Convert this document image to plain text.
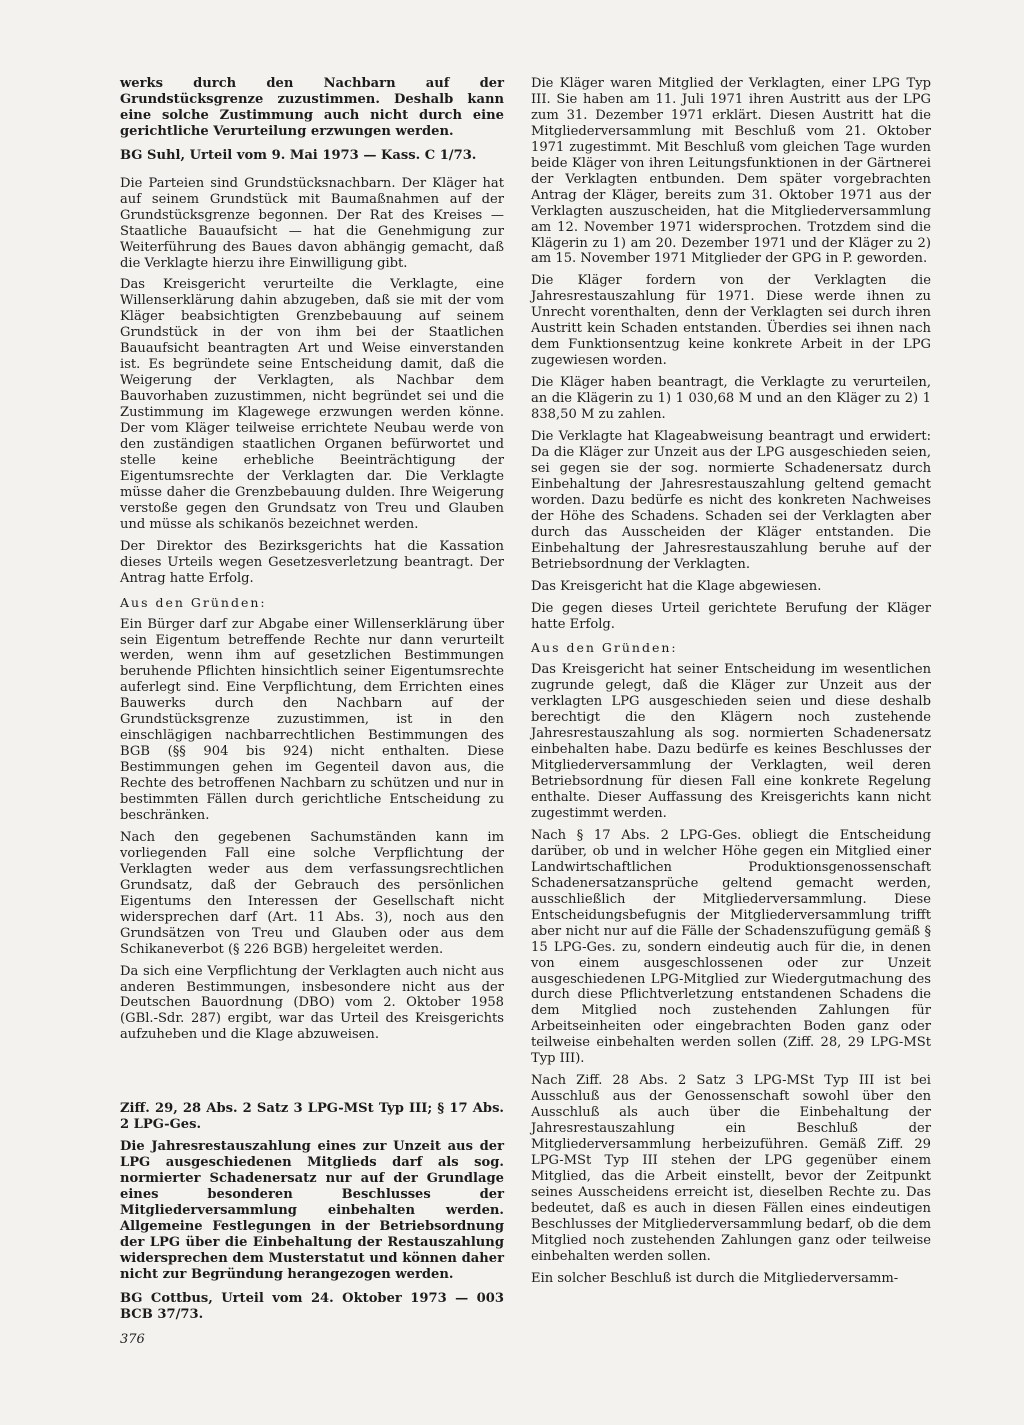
werks durch den Nachbarn auf der Grundstücksgrenze zuzustimmen. Deshalb kann eine solche Zustimmung auch nicht durch eine gerichtliche Verurteilung erzwungen werden.

BG Suhl, Urteil vom 9. Mai 1973 — Kass. C 1/73.

Die Parteien sind Grundstücksnachbarn. Der Kläger hat auf seinem Grundstück mit Baumaßnahmen auf der Grundstücksgrenze begonnen. Der Rat des Kreises — Staatliche Bauaufsicht — hat die Genehmigung zur Weiterführung des Baues davon abhängig gemacht, daß die Verklagte hierzu ihre Einwilligung gibt.

Das Kreisgericht verurteilte die Verklagte, eine Willenserklärung dahin abzugeben, daß sie mit der vom Kläger beabsichtigten Grenzbebauung auf seinem Grundstück in der von ihm bei der Staatlichen Bauaufsicht beantragten Art und Weise einverstanden ist. Es begründete seine Entscheidung damit, daß die Weigerung der Verklagten, als Nachbar dem Bauvorhaben zuzustimmen, nicht begründet sei und die Zustimmung im Klagewege erzwungen werden könne. Der vom Kläger teilweise errichtete Neubau werde von den zuständigen staatlichen Organen befürwortet und stelle keine erhebliche Beeinträchtigung der Eigentumsrechte der Verklagten dar. Die Verklagte müsse daher die Grenzbebauung dulden. Ihre Weigerung verstoße gegen den Grundsatz von Treu und Glauben und müsse als schikanös bezeichnet werden.

Der Direktor des Bezirksgerichts hat die Kassation dieses Urteils wegen Gesetzesverletzung beantragt. Der Antrag hatte Erfolg.

Aus den Gründen:

Ein Bürger darf zur Abgabe einer Willenserklärung über sein Eigentum betreffende Rechte nur dann verurteilt werden, wenn ihm auf gesetzlichen Bestimmungen beruhende Pflichten hinsichtlich seiner Eigentumsrechte auferlegt sind. Eine Verpflichtung, dem Errichten eines Bauwerks durch den Nachbarn auf der Grundstücksgrenze zuzustimmen, ist in den einschlägigen nachbarrechtlichen Bestimmungen des BGB (§§ 904 bis 924) nicht enthalten. Diese Bestimmungen gehen im Gegenteil davon aus, die Rechte des betroffenen Nachbarn zu schützen und nur in bestimmten Fällen durch gerichtliche Entscheidung zu beschränken.

Nach den gegebenen Sachumständen kann im vorliegenden Fall eine solche Verpflichtung der Verklagten weder aus dem verfassungsrechtlichen Grundsatz, daß der Gebrauch des persönlichen Eigentums den Interessen der Gesellschaft nicht widersprechen darf (Art. 11 Abs. 3), noch aus den Grundsätzen von Treu und Glauben oder aus dem Schikaneverbot (§ 226 BGB) hergeleitet werden.

Da sich eine Verpflichtung der Verklagten auch nicht aus anderen Bestimmungen, insbesondere nicht aus der Deutschen Bauordnung (DBO) vom 2. Oktober 1958 (GBl.-Sdr. 287) ergibt, war das Urteil des Kreisgerichts aufzuheben und die Klage abzuweisen.

Ziff. 29, 28 Abs. 2 Satz 3 LPG-MSt Typ III; § 17 Abs. 2 LPG-Ges.

Die Jahresrestauszahlung eines zur Unzeit aus der LPG ausgeschiedenen Mitglieds darf als sog. normierter Schadenersatz nur auf der Grundlage eines besonderen Beschlusses der Mitgliederversammlung einbehalten werden. Allgemeine Festlegungen in der Betriebsordnung der LPG über die Einbehaltung der Restauszahlung widersprechen dem Musterstatut und können daher nicht zur Begründung herangezogen werden.

BG Cottbus, Urteil vom 24. Oktober 1973 — 003 BCB 37/73.

Die Kläger waren Mitglied der Verklagten, einer LPG Typ III. Sie haben am 11. Juli 1971 ihren Austritt aus der LPG zum 31. Dezember 1971 erklärt. Diesen Austritt hat die Mitgliederversammlung mit Beschluß vom 21. Oktober 1971 zugestimmt. Mit Beschluß vom gleichen Tage wurden beide Kläger von ihren Leitungsfunktionen in der Gärtnerei der Verklagten entbunden. Dem später vorgebrachten Antrag der Kläger, bereits zum 31. Oktober 1971 aus der Verklagten auszuscheiden, hat die Mitgliederversammlung am 12. November 1971 widersprochen. Trotzdem sind die Klägerin zu 1) am 20. Dezember 1971 und der Kläger zu 2) am 15. November 1971 Mitglieder der GPG in P. geworden.

Die Kläger fordern von der Verklagten die Jahresrestauszahlung für 1971. Diese werde ihnen zu Unrecht vorenthalten, denn der Verklagten sei durch ihren Austritt kein Schaden entstanden. Überdies sei ihnen nach dem Funktionsentzug keine konkrete Arbeit in der LPG zugewiesen worden.

Die Kläger haben beantragt, die Verklagte zu verurteilen, an die Klägerin zu 1) 1 030,68 M und an den Kläger zu 2) 1 838,50 M zu zahlen.

Die Verklagte hat Klageabweisung beantragt und erwidert: Da die Kläger zur Unzeit aus der LPG ausgeschieden seien, sei gegen sie der sog. normierte Schadenersatz durch Einbehaltung der Jahresrestauszahlung geltend gemacht worden. Dazu bedürfe es nicht des konkreten Nachweises der Höhe des Schadens. Schaden sei der Verklagten aber durch das Ausscheiden der Kläger entstanden. Die Einbehaltung der Jahresrestauszahlung beruhe auf der Betriebsordnung der Verklagten.

Das Kreisgericht hat die Klage abgewiesen.

Die gegen dieses Urteil gerichtete Berufung der Kläger hatte Erfolg.

Aus den Gründen:

Das Kreisgericht hat seiner Entscheidung im wesentlichen zugrunde gelegt, daß die Kläger zur Unzeit aus der verklagten LPG ausgeschieden seien und diese deshalb berechtigt die den Klägern noch zustehende Jahresrestauszahlung als sog. normierten Schadenersatz einbehalten habe. Dazu bedürfe es keines Beschlusses der Mitgliederversammlung der Verklagten, weil deren Betriebsordnung für diesen Fall eine konkrete Regelung enthalte. Dieser Auffassung des Kreisgerichts kann nicht zugestimmt werden.

Nach § 17 Abs. 2 LPG-Ges. obliegt die Entscheidung darüber, ob und in welcher Höhe gegen ein Mitglied einer Landwirtschaftlichen Produktionsgenossenschaft Schadenersatzansprüche geltend gemacht werden, ausschließlich der Mitgliederversammlung. Diese Entscheidungsbefugnis der Mitgliederversammlung trifft aber nicht nur auf die Fälle der Schadenszufügung gemäß § 15 LPG-Ges. zu, sondern eindeutig auch für die, in denen von einem ausgeschlossenen oder zur Unzeit ausgeschiedenen LPG-Mitglied zur Wiedergutmachung des durch diese Pflichtverletzung entstandenen Schadens die dem Mitglied noch zustehenden Zahlungen für Arbeitseinheiten oder eingebrachten Boden ganz oder teilweise einbehalten werden sollen (Ziff. 28, 29 LPG-MSt Typ III).

Nach Ziff. 28 Abs. 2 Satz 3 LPG-MSt Typ III ist bei Ausschluß aus der Genossenschaft sowohl über den Ausschluß als auch über die Einbehaltung der Jahresrestauszahlung ein Beschluß der Mitgliederversammlung herbeizuführen. Gemäß Ziff. 29 LPG-MSt Typ III stehen der LPG gegenüber einem Mitglied, das die Arbeit einstellt, bevor der Zeitpunkt seines Ausscheidens erreicht ist, dieselben Rechte zu. Das bedeutet, daß es auch in diesen Fällen eines eindeutigen Beschlusses der Mitgliederversammlung bedarf, ob die dem Mitglied noch zustehenden Zahlungen ganz oder teilweise einbehalten werden sollen.

Ein solcher Beschluß ist durch die Mitgliederversamm-

376
